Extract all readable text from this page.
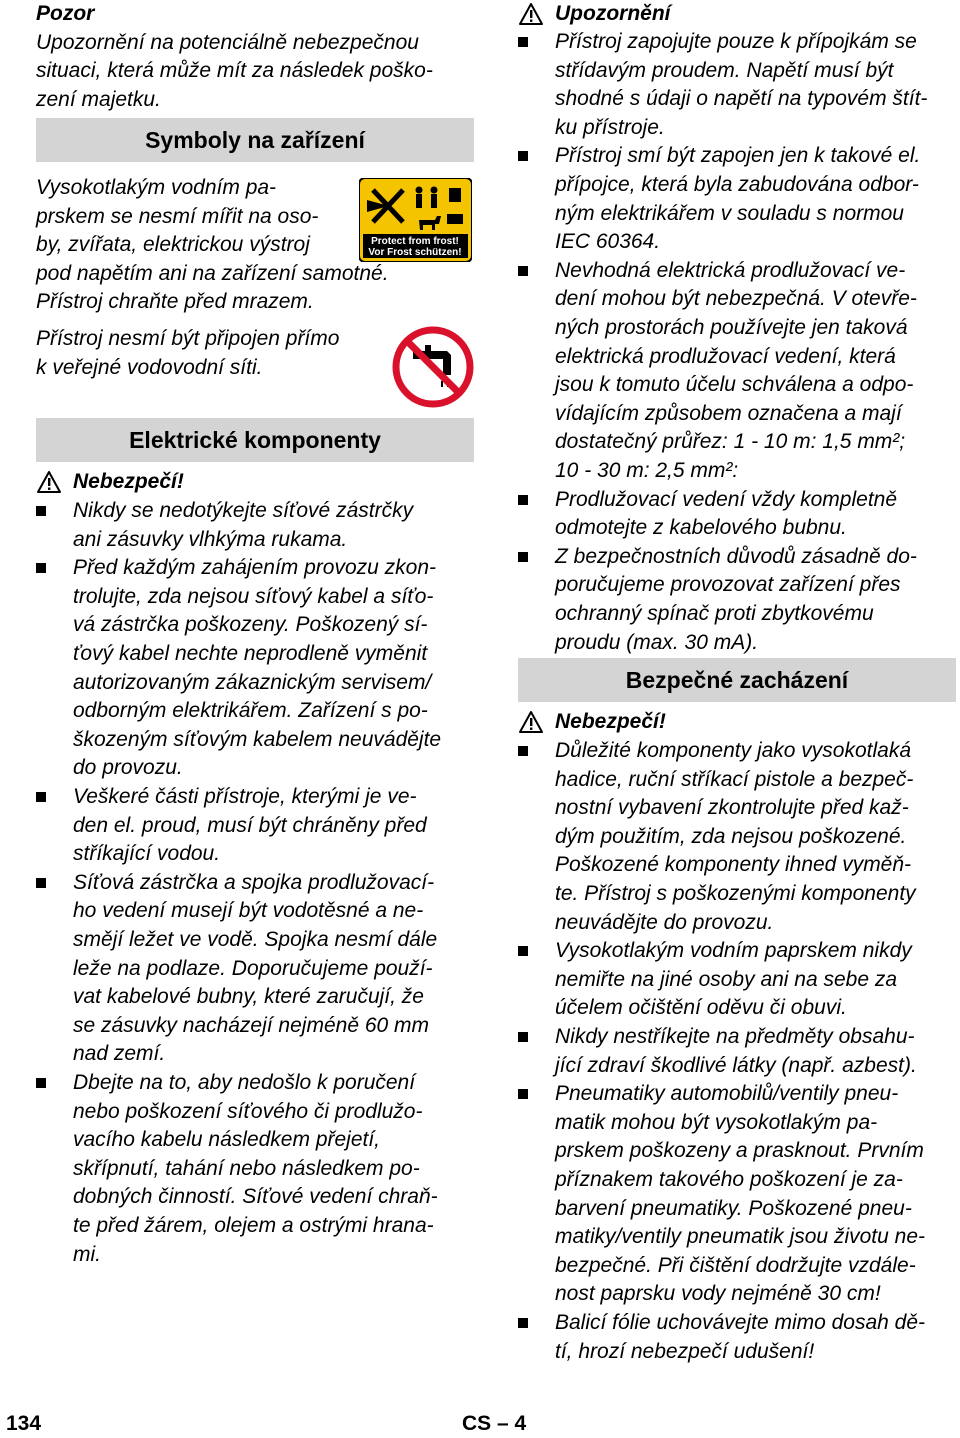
Pozor
Upozornění na potenciálně nebezpečnou
situaci, která může mít za následek poško-
zení majetku.
Symboly na zařízení
Vysokotlakým vodním pa-
prskem se nesmí mířit na oso-
by, zvířata, elektrickou výstroj
pod napětím ani na zařízení samotné.
Přístroj chraňte před mrazem.
Přístroj nesmí být připojen přímo
k veřejné vodovodní síti.
Elektrické komponenty
Nebezpečí!
Nikdy se nedotýkejte síťové zástrčky
ani zásuvky vlhkýma rukama.
Před každým zahájením provozu zkon-
trolujte, zda nejsou síťový kabel a síťo-
vá zástrčka poškozeny. Poškozený sí-
ťový kabel nechte neprodleně vyměnit
autorizovaným zákaznickým servisem/
odborným elektrikářem. Zařízení s po-
škozeným síťovým kabelem neuvádějte
do provozu.
Veškeré části přístroje, kterými je ve-
den el. proud, musí být chráněny před
stříkající vodou.
Síťová zástrčka a spojka prodlužovací-
ho vedení musejí být vodotěsné a ne-
smějí ležet ve vodě. Spojka nesmí dále
leže na podlaze. Doporučujeme použí-
vat kabelové bubny, které zaručují, že
se zásuvky nacházejí nejméně 60 mm
nad zemí.
Dbejte na to, aby nedošlo k poručení
nebo poškození síťového či prodlužo-
vacího kabelu následkem přejetí,
skřípnutí, tahání nebo následkem po-
dobných činností. Síťové vedení chraň-
te před žárem, olejem a ostrými hrana-
mi.
Upozornění
Přístroj zapojujte pouze k přípojkám se
střídavým proudem. Napětí musí být
shodné s údaji o napětí na typovém štít-
ku přístroje.
Přístroj smí být zapojen jen k takové el.
přípojce, která byla zabudována odbor-
ným elektrikářem v souladu s normou
IEC 60364.
Nevhodná elektrická prodlužovací ve-
dení mohou být nebezpečná. V otevře-
ných prostorách používejte jen taková
elektrická prodlužovací vedení, která
jsou k tomuto účelu schválena a odpo-
vídajícím způsobem označena a mají
dostatečný průřez: 1 - 10 m: 1,5 mm²;
10 - 30 m: 2,5 mm²:
Prodlužovací vedení vždy kompletně
odmotejte z kabelového bubnu.
Z bezpečnostních důvodů zásadně do-
poručujeme provozovat zařízení přes
ochranný spínač proti zbytkovému
proudu (max. 30 mA).
Bezpečné zacházení
Nebezpečí!
Důležité komponenty jako vysokotlaká
hadice, ruční stříkací pistole a bezpeč-
nostní vybavení zkontrolujte před kaž-
dým použitím, zda nejsou poškozené.
Poškozené komponenty ihned vyměň-
te. Přístroj s poškozenými komponenty
neuvádějte do provozu.
Vysokotlakým vodním paprskem nikdy
nemiřte na jiné osoby ani na sebe za
účelem očištění oděvu či obuvi.
Nikdy nestříkejte na předměty obsahu-
jící zdraví škodlivé látky (např. azbest).
Pneumatiky automobilů/ventily pneu-
matik mohou být vysokotlakým pa-
prskem poškozeny a prasknout. Prvním
příznakem takového poškození je za-
barvení pneumatiky. Poškozené pneu-
matiky/ventily pneumatik jsou životu ne-
bezpečné. Při čištění dodržujte vzdále-
nost paprsku vody nejméně 30 cm!
Balicí fólie uchovávejte mimo dosah dě-
tí, hrozí nebezpečí udušení!
Protect from frost!
Vor Frost schützen!
134	CS – 4
